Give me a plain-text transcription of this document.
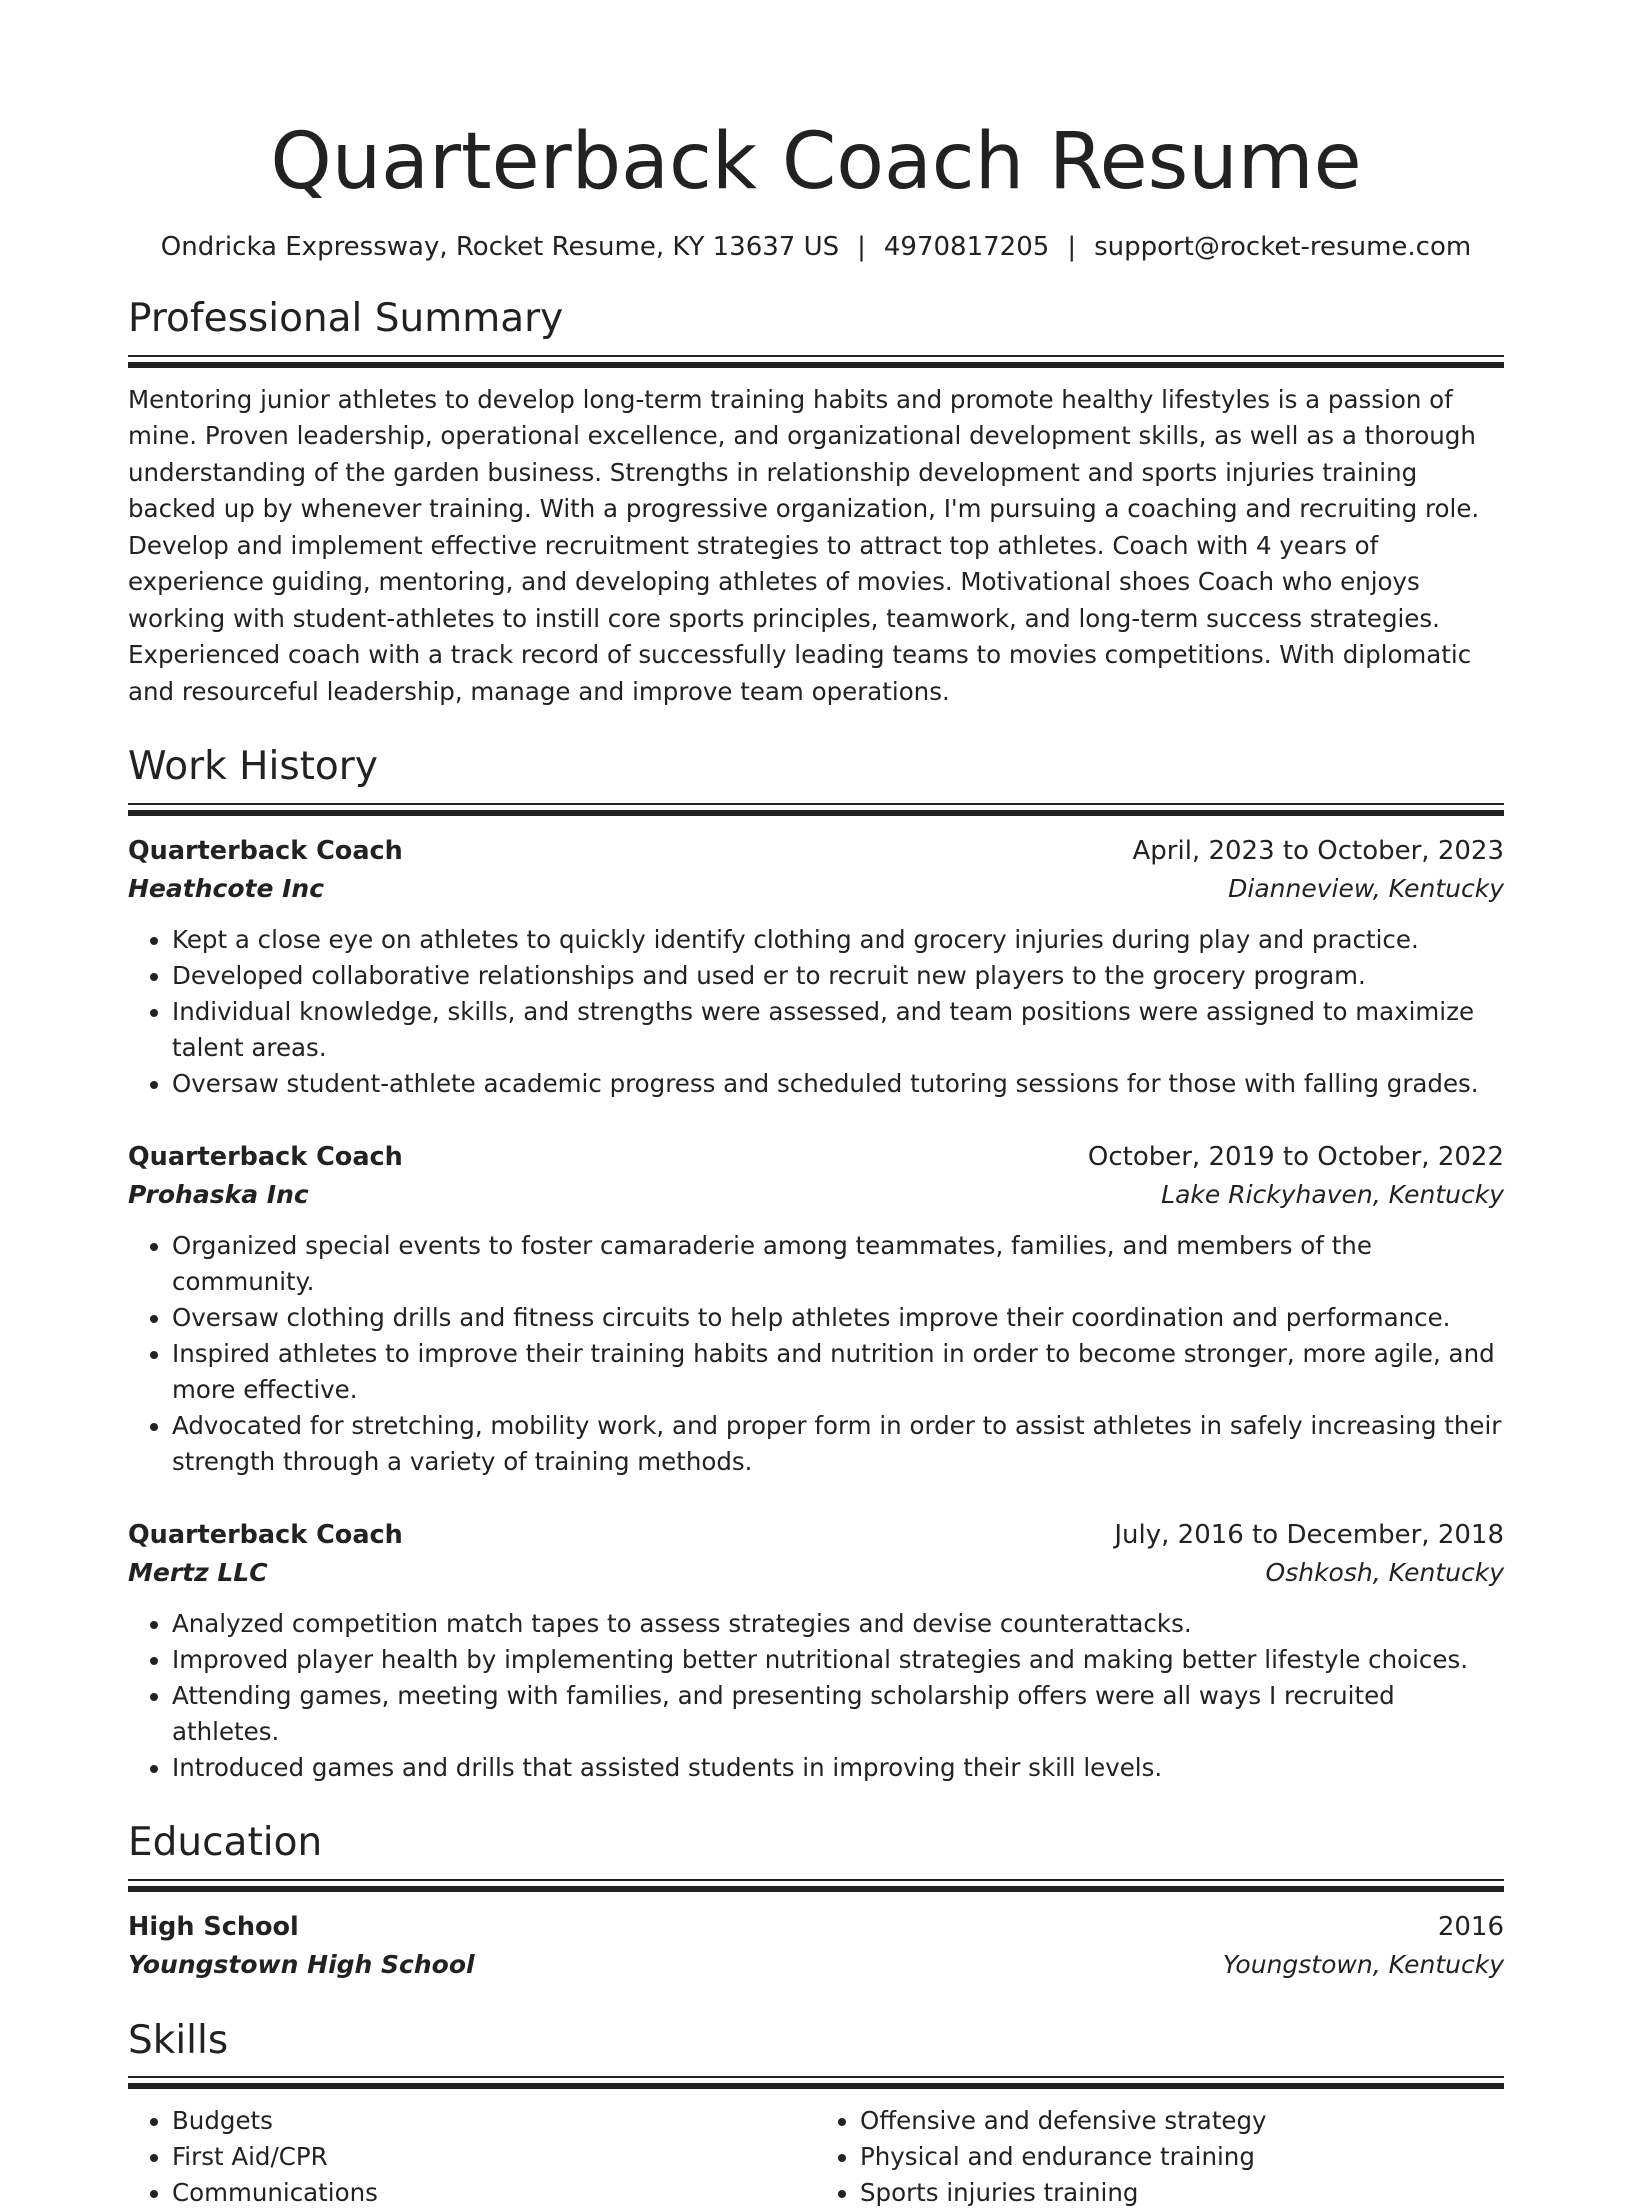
Quarterback Coach Resume
Ondricka Expressway, Rocket Resume, KY 13637 US | 4970817205 | support@rocket-resume.com
Professional Summary
Mentoring junior athletes to develop long-term training habits and promote healthy lifestyles is a passion of mine. Proven leadership, operational excellence, and organizational development skills, as well as a thorough understanding of the garden business. Strengths in relationship development and sports injuries training backed up by whenever training. With a progressive organization, I'm pursuing a coaching and recruiting role. Develop and implement effective recruitment strategies to attract top athletes. Coach with 4 years of experience guiding, mentoring, and developing athletes of movies. Motivational shoes Coach who enjoys working with student-athletes to instill core sports principles, teamwork, and long-term success strategies. Experienced coach with a track record of successfully leading teams to movies competitions. With diplomatic and resourceful leadership, manage and improve team operations.
Work History
Quarterback Coach	April, 2023 to October, 2023
Heathcote Inc	Dianneview, Kentucky
• Kept a close eye on athletes to quickly identify clothing and grocery injuries during play and practice.
• Developed collaborative relationships and used er to recruit new players to the grocery program.
• Individual knowledge, skills, and strengths were assessed, and team positions were assigned to maximize talent areas.
• Oversaw student-athlete academic progress and scheduled tutoring sessions for those with falling grades.
Quarterback Coach	October, 2019 to October, 2022
Prohaska Inc	Lake Rickyhaven, Kentucky
• Organized special events to foster camaraderie among teammates, families, and members of the community.
• Oversaw clothing drills and fitness circuits to help athletes improve their coordination and performance.
• Inspired athletes to improve their training habits and nutrition in order to become stronger, more agile, and more effective.
• Advocated for stretching, mobility work, and proper form in order to assist athletes in safely increasing their strength through a variety of training methods.
Quarterback Coach	July, 2016 to December, 2018
Mertz LLC	Oshkosh, Kentucky
• Analyzed competition match tapes to assess strategies and devise counterattacks.
• Improved player health by implementing better nutritional strategies and making better lifestyle choices.
• Attending games, meeting with families, and presenting scholarship offers were all ways I recruited athletes.
• Introduced games and drills that assisted students in improving their skill levels.
Education
High School	2016
Youngstown High School	Youngstown, Kentucky
Skills
• Budgets
• First Aid/CPR
• Communications
• Offensive and defensive strategy
• Physical and endurance training
• Sports injuries training
